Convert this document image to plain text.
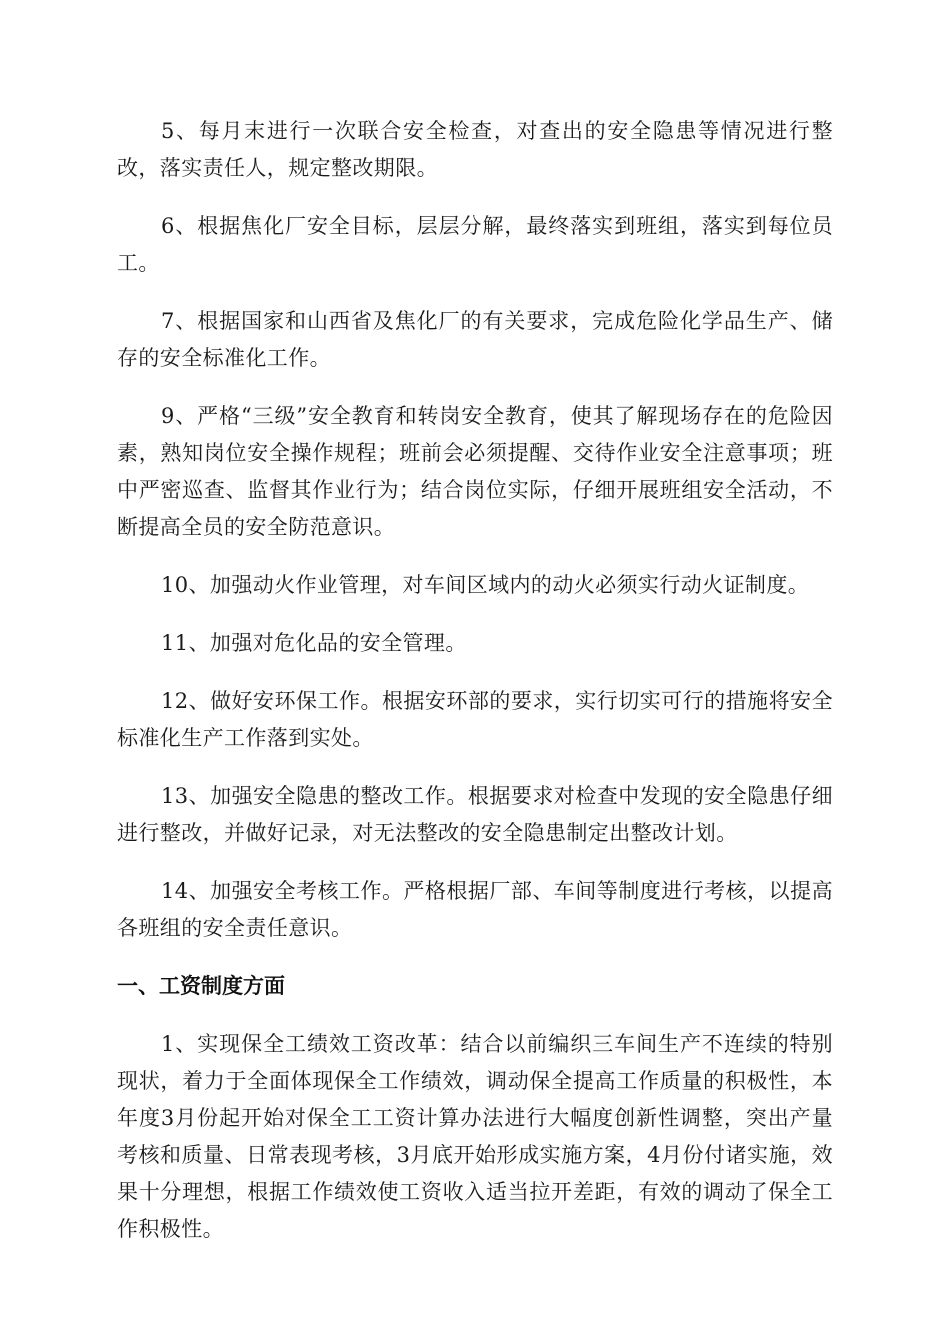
5、每月末进行一次联合安全检查，对查出的安全隐患等情况进行整改，落实责任人，规定整改期限。

6、根据焦化厂安全目标，层层分解，最终落实到班组，落实到每位员工。

7、根据国家和山西省及焦化厂的有关要求，完成危险化学品生产、储存的安全标准化工作。

9、严格“三级”安全教育和转岗安全教育，使其了解现场存在的危险因素，熟知岗位安全操作规程；班前会必须提醒、交待作业安全注意事项；班中严密巡查、监督其作业行为；结合岗位实际，仔细开展班组安全活动，不断提高全员的安全防范意识。

10、加强动火作业管理，对车间区域内的动火必须实行动火证制度。

11、加强对危化品的安全管理。

12、做好安环保工作。根据安环部的要求，实行切实可行的措施将安全标准化生产工作落到实处。

13、加强安全隐患的整改工作。根据要求对检查中发现的安全隐患仔细进行整改，并做好记录，对无法整改的安全隐患制定出整改计划。

14、加强安全考核工作。严格根据厂部、车间等制度进行考核，以提高各班组的安全责任意识。

一、工资制度方面

1、实现保全工绩效工资改革：结合以前编织三车间生产不连续的特别现状，着力于全面体现保全工作绩效，调动保全提高工作质量的积极性，本年度3月份起开始对保全工工资计算办法进行大幅度创新性调整，突出产量考核和质量、日常表现考核，3月底开始形成实施方案，4月份付诸实施，效果十分理想，根据工作绩效使工资收入适当拉开差距，有效的调动了保全工作积极性。
